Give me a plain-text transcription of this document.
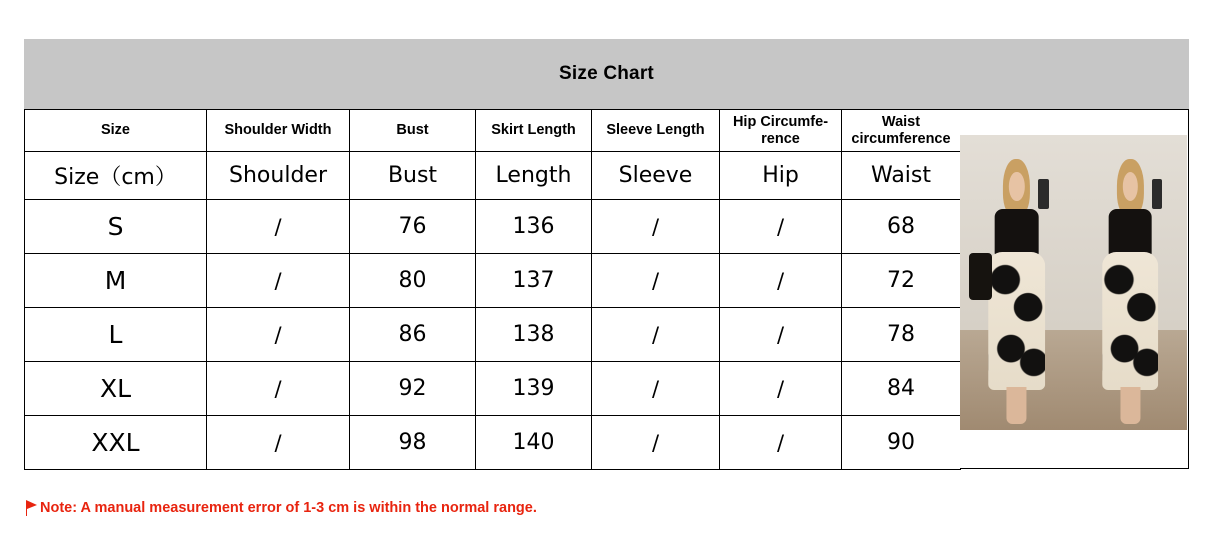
Size Chart
Size	Shoulder Width	Bust	Skirt Length	Sleeve Length	Hip Circumfe-rence	Waist circumference
Size（cm）	Shoulder	Bust	Length	Sleeve	Hip	Waist
S	/	76	136	/	/	68
M	/	80	137	/	/	72
L	/	86	138	/	/	78
XL	/	92	139	/	/	84
XXL	/	98	140	/	/	90
Note: A manual measurement error of 1-3 cm is within the normal range.
